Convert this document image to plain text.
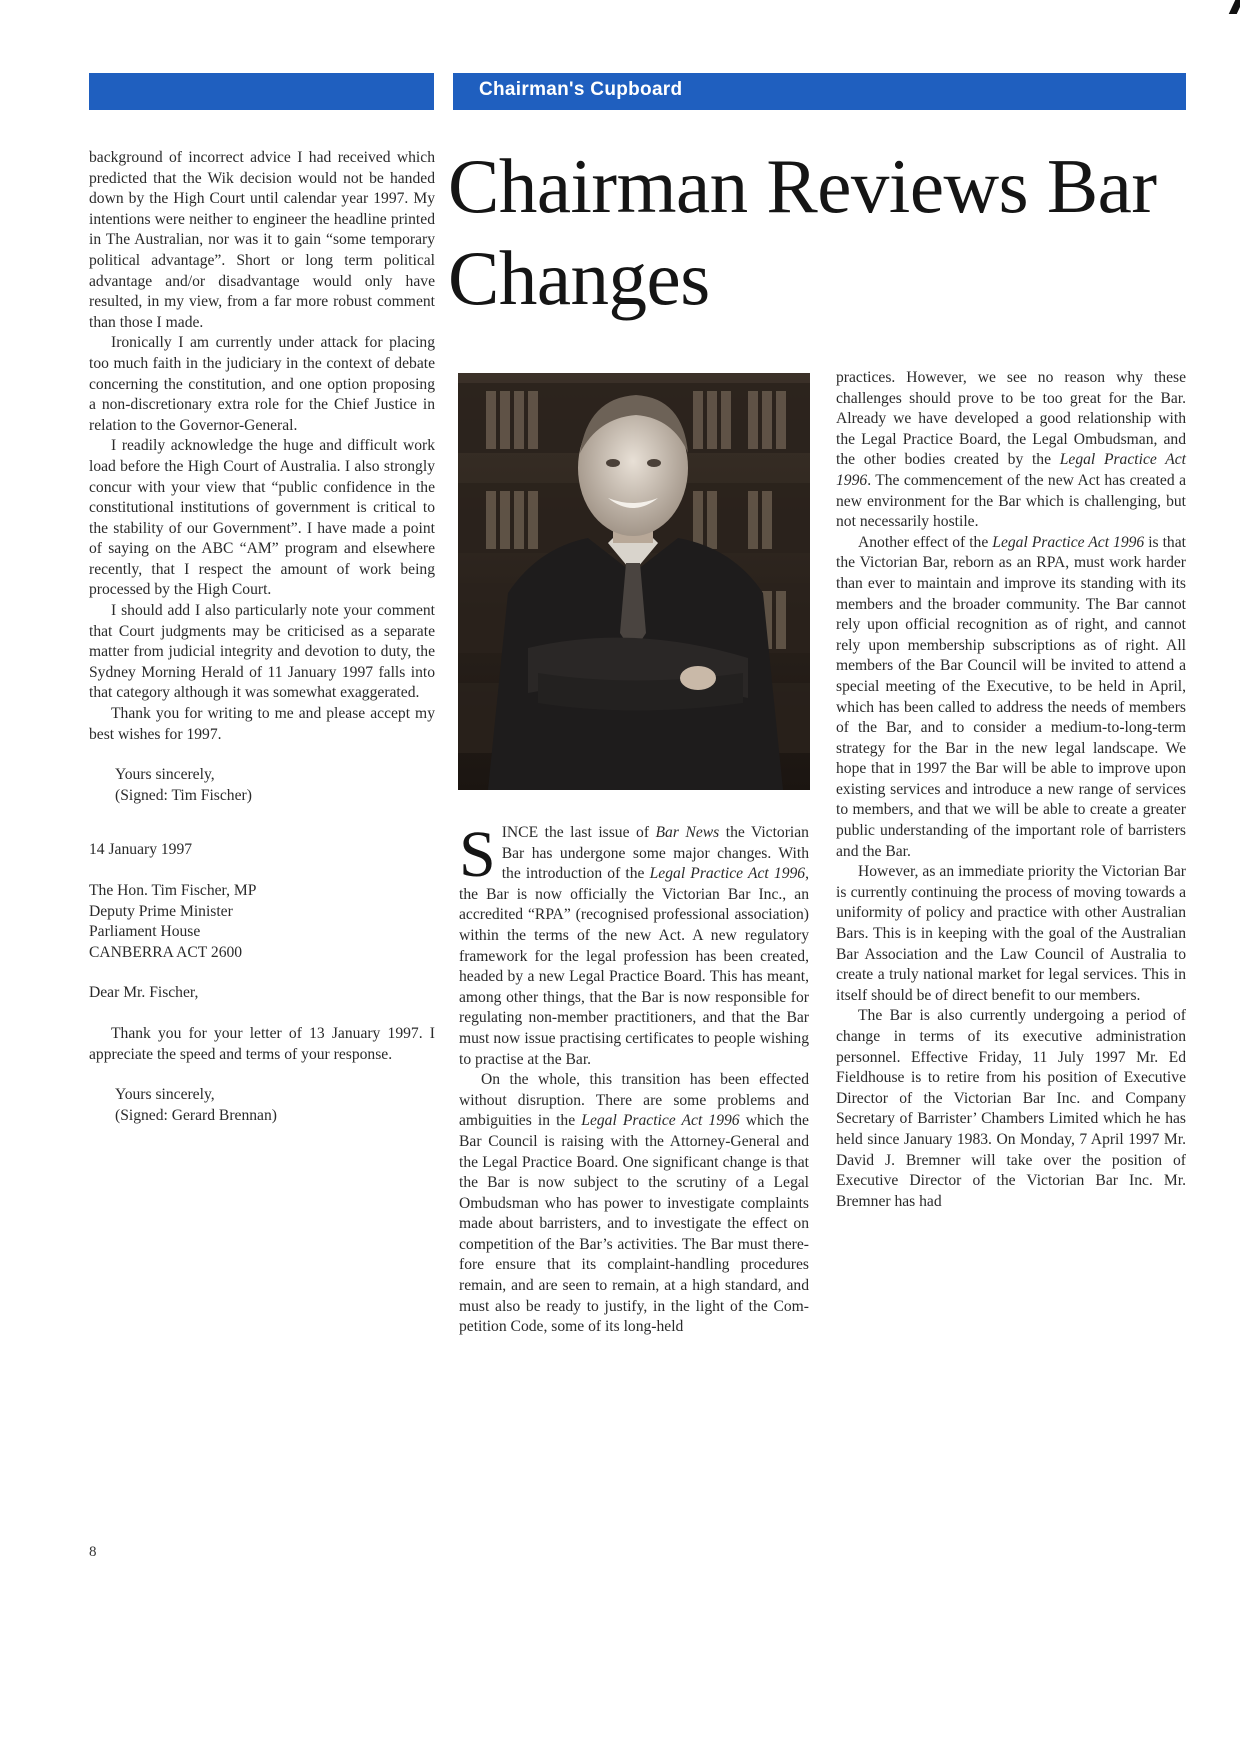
Chairman's Cupboard
Chairman Reviews Bar Changes

background of incorrect advice I had received which predicted that the Wik decision would not be handed down by the High Court until calendar year 1997. My intentions were neither to engineer the headline printed in The Australian, nor was it to gain “some temporary political advantage”. Short or long term political advantage and/or disadvantage would only have resulted, in my view, from a far more robust comment than those I made.

Ironically I am currently under attack for placing too much faith in the judiciary in the context of debate concerning the constitution, and one option proposing a non-discretionary extra role for the Chief Justice in relation to the Governor-General.

I readily acknowledge the huge and difficult work load before the High Court of Australia. I also strongly concur with your view that “public confidence in the constitutional institutions of government is critical to the stability of our Government”. I have made a point of saying on the ABC “AM” program and elsewhere recently, that I respect the amount of work being processed by the High Court.

I should add I also particularly note your comment that Court judgments may be criticised as a separate matter from judicial integrity and devotion to duty, the Sydney Morning Herald of 11 January 1997 falls into that category although it was somewhat exaggerated.

Thank you for writing to me and please accept my best wishes for 1997.

Yours sincerely,

(Signed: Tim Fischer)

14 January 1997

The Hon. Tim Fischer, MP

Deputy Prime Minister

Parliament House

CANBERRA ACT 2600

Dear Mr. Fischer,

Thank you for your letter of 13 January 1997. I appreciate the speed and terms of your response.

Yours sincerely,

(Signed: Gerard Brennan)

SINCE the last issue of Bar News the Victorian Bar has undergone some major changes. With the introduction of the Legal Practice Act 1996, the Bar is now officially the Victorian Bar Inc., an accredited “RPA” (recognised professional association) within the terms of the new Act. A new regulatory framework for the legal profession has been created, headed by a new Legal Practice Board. This has meant, among other things, that the Bar is now responsible for regulating non-member practitioners, and that the Bar must now issue practising certificates to people wishing to practise at the Bar.

On the whole, this transition has been effected without disruption. There are some problems and ambiguities in the Legal Practice Act 1996 which the Bar Council is raising with the Attorney-General and the Legal Practice Board. One significant change is that the Bar is now subject to the scrutiny of a Legal Ombudsman who has power to investigate complaints made about barristers, and to investigate the effect on competition of the Bar’s activities. The Bar must therefore ensure that its complaint-handling procedures remain, and are seen to remain, at a high standard, and must also be ready to justify, in the light of the Competition Code, some of its long-held

practices. However, we see no reason why these challenges should prove to be too great for the Bar. Already we have developed a good relationship with the Legal Practice Board, the Legal Ombudsman, and the other bodies created by the Legal Practice Act 1996. The commencement of the new Act has created a new environment for the Bar which is challenging, but not necessarily hostile.

Another effect of the Legal Practice Act 1996 is that the Victorian Bar, reborn as an RPA, must work harder than ever to maintain and improve its standing with its members and the broader community. The Bar cannot rely upon official recognition as of right, and cannot rely upon membership subscriptions as of right. All members of the Bar Council will be invited to attend a special meeting of the Executive, to be held in April, which has been called to address the needs of members of the Bar, and to consider a medium-to-long-term strategy for the Bar in the new legal landscape. We hope that in 1997 the Bar will be able to improve upon existing services and introduce a new range of services to members, and that we will be able to create a greater public understanding of the important role of barristers and the Bar.

However, as an immediate priority the Victorian Bar is currently continuing the process of moving towards a uniformity of policy and practice with other Australian Bars. This is in keeping with the goal of the Australian Bar Association and the Law Council of Australia to create a truly national market for legal services. This in itself should be of direct benefit to our members.

The Bar is also currently undergoing a period of change in terms of its executive administration personnel. Effective Friday, 11 July 1997 Mr. Ed Fieldhouse is to retire from his position of Executive Director of the Victorian Bar Inc. and Company Secretary of Barrister’ Chambers Limited which he has held since January 1983. On Monday, 7 April 1997 Mr. David J. Bremner will take over the position of Executive Director of the Victorian Bar Inc. Mr. Bremner has had

8
